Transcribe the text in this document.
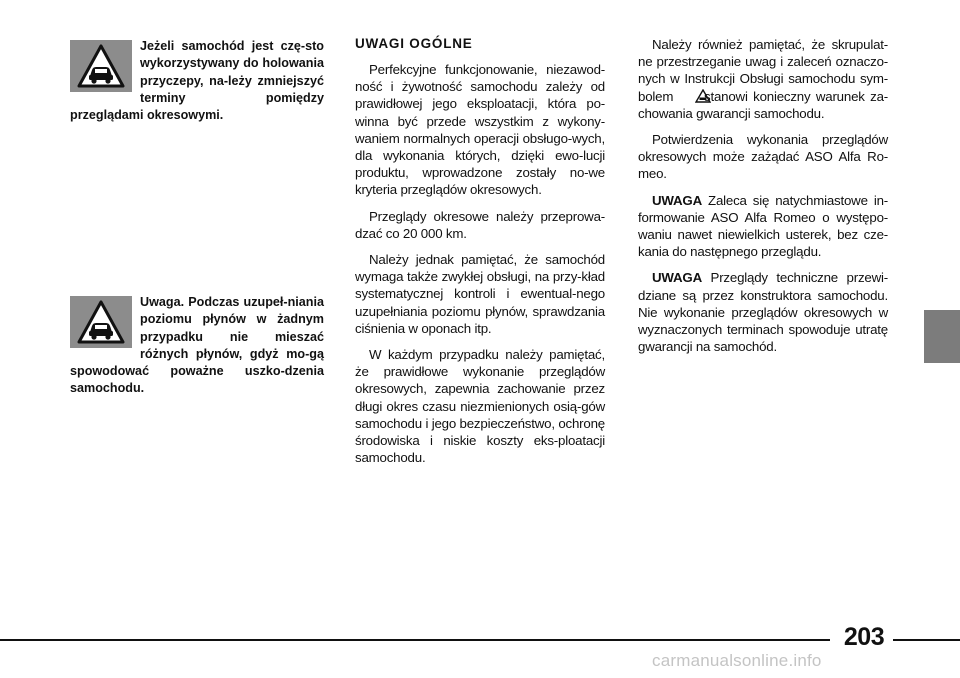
Jeżeli samochód jest czę-sto wykorzystywany do holowania przyczepy, na-leży zmniejszyć terminy pomiędzy przeglądami okresowymi.

Uwaga. Podczas uzupeł-niania poziomu płynów w żadnym przypadku nie mieszać różnych płynów, gdyż mo-gą spowodować poważne uszko-dzenia samochodu.

UWAGI OGÓLNE

Perfekcyjne funkcjonowanie, niezawod-ność i żywotność samochodu zależy od prawidłowej jego eksploatacji, która po-winna być przede wszystkim z wykony-waniem normalnych operacji obsługo-wych, dla wykonania których, dzięki ewo-lucji produktu, wprowadzone zostały no-we kryteria przeglądów okresowych.

Przeglądy okresowe należy przeprowa-dzać co 20 000 km.

Należy jednak pamiętać, że samochód wymaga także zwykłej obsługi, na przy-kład systematycznej kontroli i ewentual-nego uzupełniania poziomu płynów, sprawdzania ciśnienia w oponach itp.

W każdym przypadku należy pamiętać, że prawidłowe wykonanie przeglądów okresowych, zapewnia zachowanie przez długi okres czasu niezmienionych osią-gów samochodu i jego bezpieczeństwo, ochronę środowiska i niskie koszty eks-ploatacji samochodu.

Należy również pamiętać, że skrupulat-ne przestrzeganie uwag i zaleceń oznaczo-nych w Instrukcji Obsługi samochodu sym-bolem stanowi konieczny warunek za-chowania gwarancji samochodu.

Potwierdzenia wykonania przeglądów okresowych może zażądać ASO Alfa Ro-meo.

UWAGA Zaleca się natychmiastowe in-formowanie ASO Alfa Romeo o występo-waniu nawet niewielkich usterek, bez cze-kania do następnego przeglądu.

UWAGA Przeglądy techniczne przewi-dziane są przez konstruktora samochodu. Nie wykonanie przeglądów okresowych w wyznaczonych terminach spowoduje utratę gwarancji na samochód.

203
carmanualsonline.info
